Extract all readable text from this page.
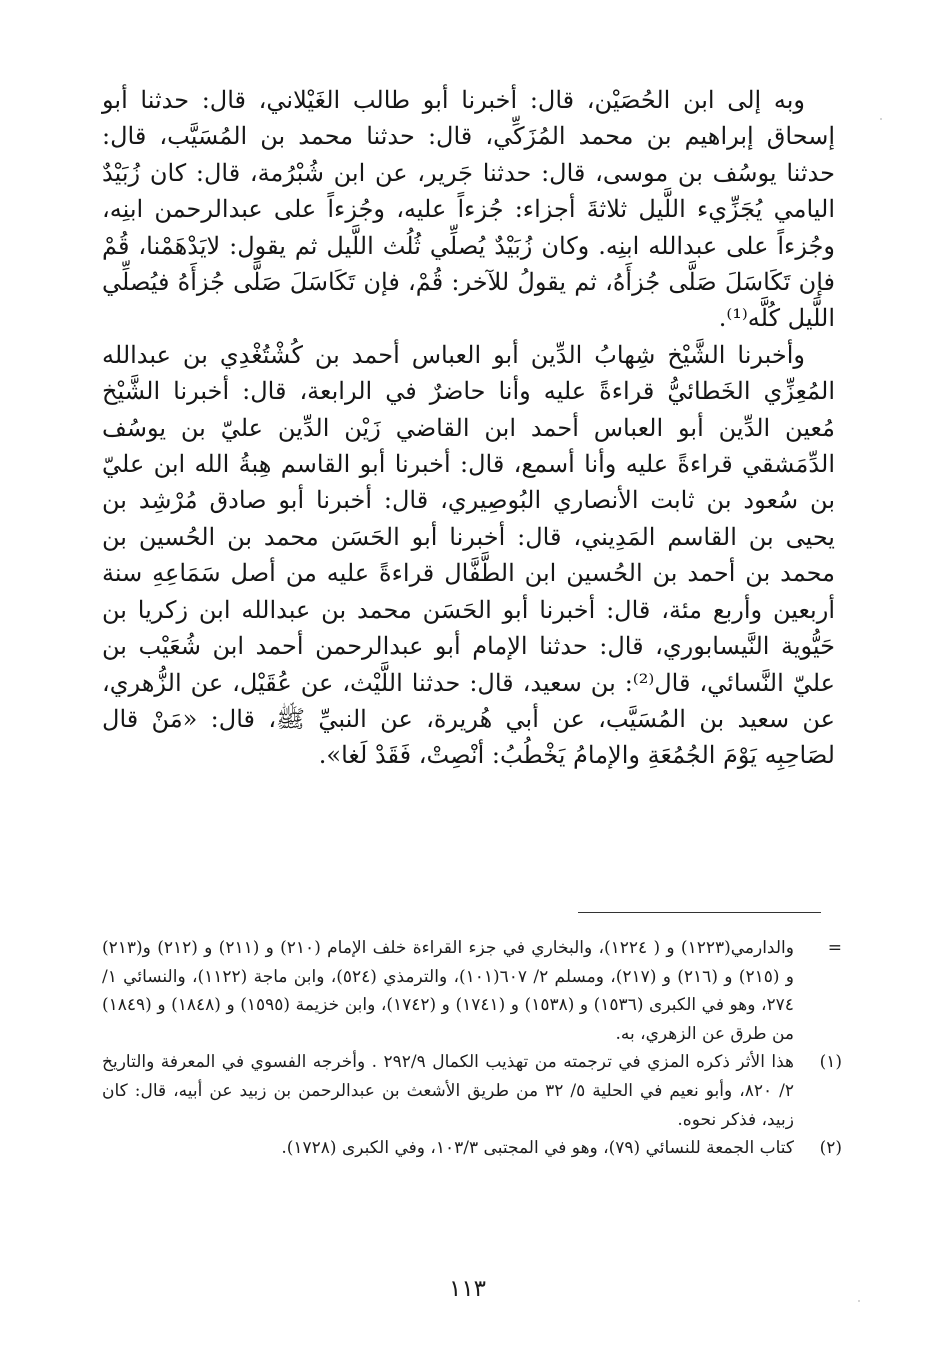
وبه إلى ابن الحُصَيْن، قال: أخبرنا أبو طالب الغَيْلاني، قال: حدثنا أبو إسحاق إبراهيم بن محمد المُزَكِّي، قال: حدثنا محمد بن المُسَيَّب، قال: حدثنا يوسُف بن موسى، قال: حدثنا جَرير، عن ابن شُبْرُمة، قال: كان زُبَيْدٌ اليامي يُجَزِّيء اللَّيل ثلاثةَ أجزاء: جُزءاً عليه، وجُزءاً على عبدالرحمن ابنِه، وجُزءاً على عبدالله ابنِه. وكان زُبَيْدٌ يُصلِّي ثُلُث اللَّيل ثم يقول: لايَدْهَمْنا، قُمْ فإن تَكَاسَلَ صَلَّى جُزأَهُ، ثم يقولُ للآخر: قُمْ، فإن تَكَاسَلَ صَلَّى جُزأَهُ فيُصلِّي اللَّيل كُلَّه⁽¹⁾.

وأخبرنا الشَّيْخ شِهابُ الدِّين أبو العباس أحمد بن كُشْتُغْدِي بن عبدالله المُعِزِّي الخَطائيُّ قراءةً عليه وأنا حاضرٌ في الرابعة، قال: أخبرنا الشَّيْخ مُعين الدِّين أبو العباس أحمد ابن القاضي زَيْن الدِّين عليّ بن يوسُف الدِّمَشقي قراءةً عليه وأنا أسمع، قال: أخبرنا أبو القاسم هِبةُ الله ابن عليّ بن سُعود بن ثابت الأنصاري البُوصِيري، قال: أخبرنا أبو صادق مُرْشِد بن يحيى بن القاسم المَدِيني، قال: أخبرنا أبو الحَسَن محمد بن الحُسين بن محمد بن أحمد بن الحُسين ابن الطَّفَّال قراءةً عليه من أصل سَمَاعِهِ سنة أربعين وأربع مئة، قال: أخبرنا أبو الحَسَن محمد بن عبدالله ابن زكريا بن حَيُّوية النَّيسابوري، قال: حدثنا الإمام أبو عبدالرحمن أحمد ابن شُعَيْب بن عليّ النَّسائي، قال⁽²⁾: بن سعيد، قال: حدثنا اللَّيْث، عن عُقَيْل، عن الزُّهري، عن سعيد بن المُسَيَّب، عن أبي هُريرة، عن النبيِّ ﷺ، قال: «مَنْ قال لصَاحِبِه يَوْمَ الجُمُعَةِ والإمامُ يَخْطُبُ: أنْصِتْ، فَقَدْ لَغا».

=
والدارمي(١٢٢٣) و ( ١٢٢٤)، والبخاري في جزء القراءة خلف الإمام (٢١٠) و (٢١١) و (٢١٢) و(٢١٣) و (٢١٥) و (٢١٦) و (٢١٧)، ومسلم ٢/ ٦٠٧(١٠١)، والترمذي (٥٢٤)، وابن ماجة (١١٢٢)، والنسائي ١/ ٢٧٤، وهو في الكبرى (١٥٣٦) و (١٥٣٨) و (١٧٤١) و (١٧٤٢)، وابن خزيمة (١٥٩٥) و (١٨٤٨) و (١٨٤٩) من طرق عن الزهري، به.
(١)
هذا الأثر ذكره المزي في ترجمته من تهذيب الكمال ٢٩٢/٩ . وأخرجه الفسوي في المعرفة والتاريخ ٢/ ٨٢٠، وأبو نعيم في الحلية ٥/ ٣٢ من طريق الأشعث بن عبدالرحمن بن زبيد عن أبيه، قال: كان زبيد، فذكر نحوه.
(٢)
كتاب الجمعة للنسائي (٧٩)، وهو في المجتبى ١٠٣/٣، وفي الكبرى (١٧٢٨).
١١٣
